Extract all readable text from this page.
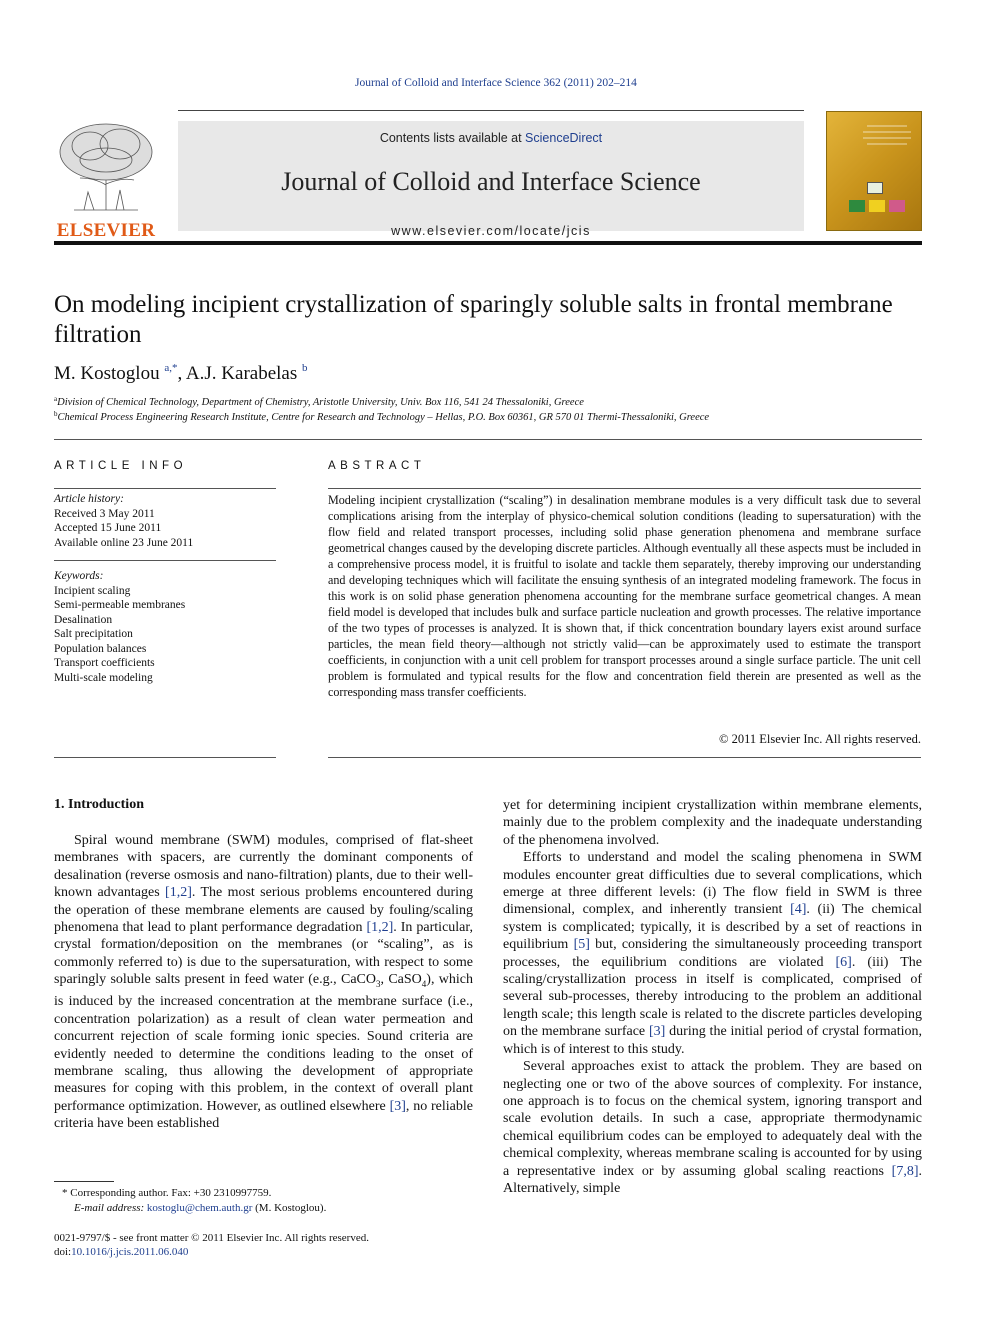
Journal of Colloid and Interface Science 362 (2011) 202–214
ELSEVIER
Contents lists available at ScienceDirect
Journal of Colloid and Interface Science
www.elsevier.com/locate/jcis
On modeling incipient crystallization of sparingly soluble salts in frontal membrane filtration
M. Kostoglou $^{a,*}$, A.J. Karabelas $^b$
$^a$Division of Chemical Technology, Department of Chemistry, Aristotle University, Univ. Box 116, 541 24 Thessaloniki, Greece
$^b$Chemical Process Engineering Research Institute, Centre for Research and Technology – Hellas, P.O. Box 60361, GR 570 01 Thermi-Thessaloniki, Greece
ARTICLE INFO
Article history:
Received 3 May 2011
Accepted 15 June 2011
Available online 23 June 2011
Keywords:
Incipient scaling
Semi-permeable membranes
Desalination
Salt precipitation
Population balances
Transport coefficients
Multi-scale modeling
ABSTRACT
Modeling incipient crystallization (“scaling”) in desalination membrane modules is a very difficult task due to several complications arising from the interplay of physico-chemical solution conditions (leading to supersaturation) with the flow field and related transport processes, including solid phase generation phenomena and membrane surface geometrical changes caused by the developing discrete particles. Although eventually all these aspects must be included in a comprehensive process model, it is fruitful to isolate and tackle them separately, thereby improving our understanding and developing techniques which will facilitate the ensuing synthesis of an integrated modeling framework. The focus in this work is on solid phase generation phenomena accounting for the membrane surface geometrical changes. A mean field model is developed that includes bulk and surface particle nucleation and growth processes. The relative importance of the two types of processes is analyzed. It is shown that, if thick concentration boundary layers exist around surface particles, the mean field theory—although not strictly valid—can be approximately used to estimate the transport coefficients, in conjunction with a unit cell problem for transport processes around a single surface particle. The unit cell problem is formulated and typical results for the flow and concentration field therein are presented as well as the corresponding mass transfer coefficients.
© 2011 Elsevier Inc. All rights reserved.
1. Introduction

Spiral wound membrane (SWM) modules, comprised of flat-sheet membranes with spacers, are currently the dominant components of desalination (reverse osmosis and nano-filtration) plants, due to their well-known advantages [1,2]. The most serious problems encountered during the operation of these membrane elements are caused by fouling/scaling phenomena that lead to plant performance degradation [1,2]. In particular, crystal formation/deposition on the membranes (or “scaling”, as is commonly referred to) is due to the supersaturation, with respect to some sparingly soluble salts present in feed water (e.g., CaCO$_3$, CaSO$_4$), which is induced by the increased concentration at the membrane surface (i.e., concentration polarization) as a result of clean water permeation and concurrent rejection of scale forming ionic species. Sound criteria are evidently needed to determine the conditions leading to the onset of membrane scaling, thus allowing the development of appropriate measures for coping with this problem, in the context of overall plant performance optimization. However, as outlined elsewhere [3], no reliable criteria have been established

yet for determining incipient crystallization within membrane elements, mainly due to the problem complexity and the inadequate understanding of the phenomena involved.

Efforts to understand and model the scaling phenomena in SWM modules encounter great difficulties due to several complications, which emerge at three different levels: (i) The flow field in SWM is three dimensional, complex, and inherently transient [4]. (ii) The chemical system is complicated; typically, it is described by a set of reactions in equilibrium [5] but, considering the simultaneously proceeding transport processes, the equilibrium conditions are violated [6]. (iii) The scaling/crystallization process in itself is complicated, comprised of several sub-processes, thereby introducing to the problem an additional length scale; this length scale is related to the discrete particles developing on the membrane surface [3] during the initial period of crystal formation, which is of interest to this study.

Several approaches exist to attack the problem. They are based on neglecting one or two of the above sources of complexity. For instance, one approach is to focus on the chemical system, ignoring transport and scale evolution details. In such a case, appropriate thermodynamic chemical equilibrium codes can be employed to adequately deal with the chemical complexity, whereas membrane scaling is accounted for by using a representative index or by assuming global scaling reactions [7,8]. Alternatively, simple

* Corresponding author. Fax: +30 2310997759.
E-mail address: kostoglu@chem.auth.gr (M. Kostoglou).
0021-9797/$ - see front matter © 2011 Elsevier Inc. All rights reserved.
doi:10.1016/j.jcis.2011.06.040
